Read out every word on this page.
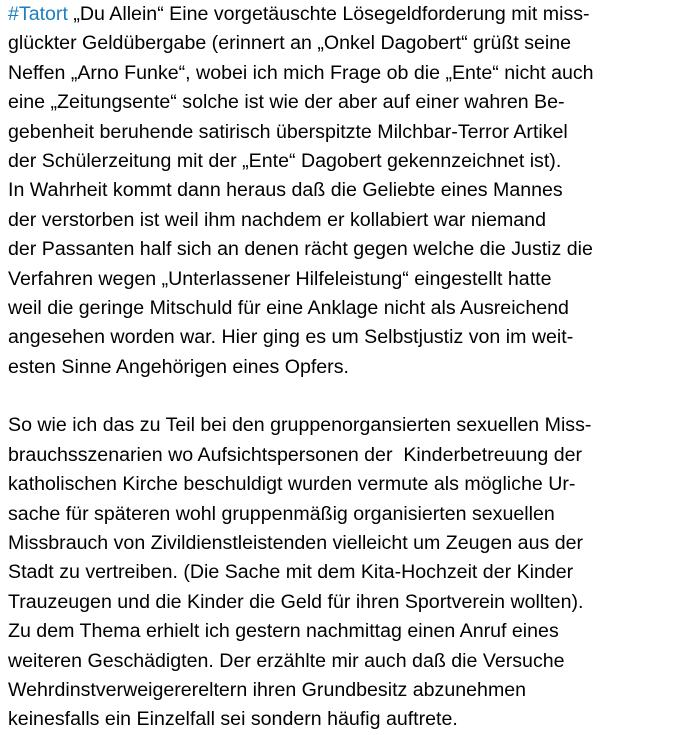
#Tatort „Du Allein“ Eine vorgetäuschte Lösegeldforderung mit miss-
glückter Geldübergabe (erinnert an „Onkel Dagobert“ grüßt seine
Neffen „Arno Funke“, wobei ich mich Frage ob die „Ente“ nicht auch
eine „Zeitungsente“ solche ist wie der aber auf einer wahren Be-
gebenheit beruhende satirisch überspitzte Milchbar-Terror Artikel
der Schülerzeitung mit der „Ente“ Dagobert gekennzeichnet ist).
In Wahrheit kommt dann heraus daß die Geliebte eines Mannes
der verstorben ist weil ihm nachdem er kollabiert war niemand
der Passanten half sich an denen rächt gegen welche die Justiz die
Verfahren wegen „Unterlassener Hilfeleistung“ eingestellt hatte
weil die geringe Mitschuld für eine Anklage nicht als Ausreichend
angesehen worden war. Hier ging es um Selbstjustiz von im weit-
esten Sinne Angehörigen eines Opfers.
So wie ich das zu Teil bei den gruppenorgansierten sexuellen Miss-
brauchsszenarien wo Aufsichtspersonen der  Kinderbetreuung der
katholischen Kirche beschuldigt wurden vermute als mögliche Ur-
sache für späteren wohl gruppenmäßig organisierten sexuellen
Missbrauch von Zivildienstleistenden vielleicht um Zeugen aus der
Stadt zu vertreiben. (Die Sache mit dem Kita-Hochzeit der Kinder
Trauzeugen und die Kinder die Geld für ihren Sportverein wollten).
Zu dem Thema erhielt ich gestern nachmittag einen Anruf eines
weiteren Geschädigten. Der erzählte mir auch daß die Versuche
Wehrdinstverweigerereltern ihren Grundbesitz abzunehmen
keinesfalls ein Einzelfall sei sondern häufig auftrete.
